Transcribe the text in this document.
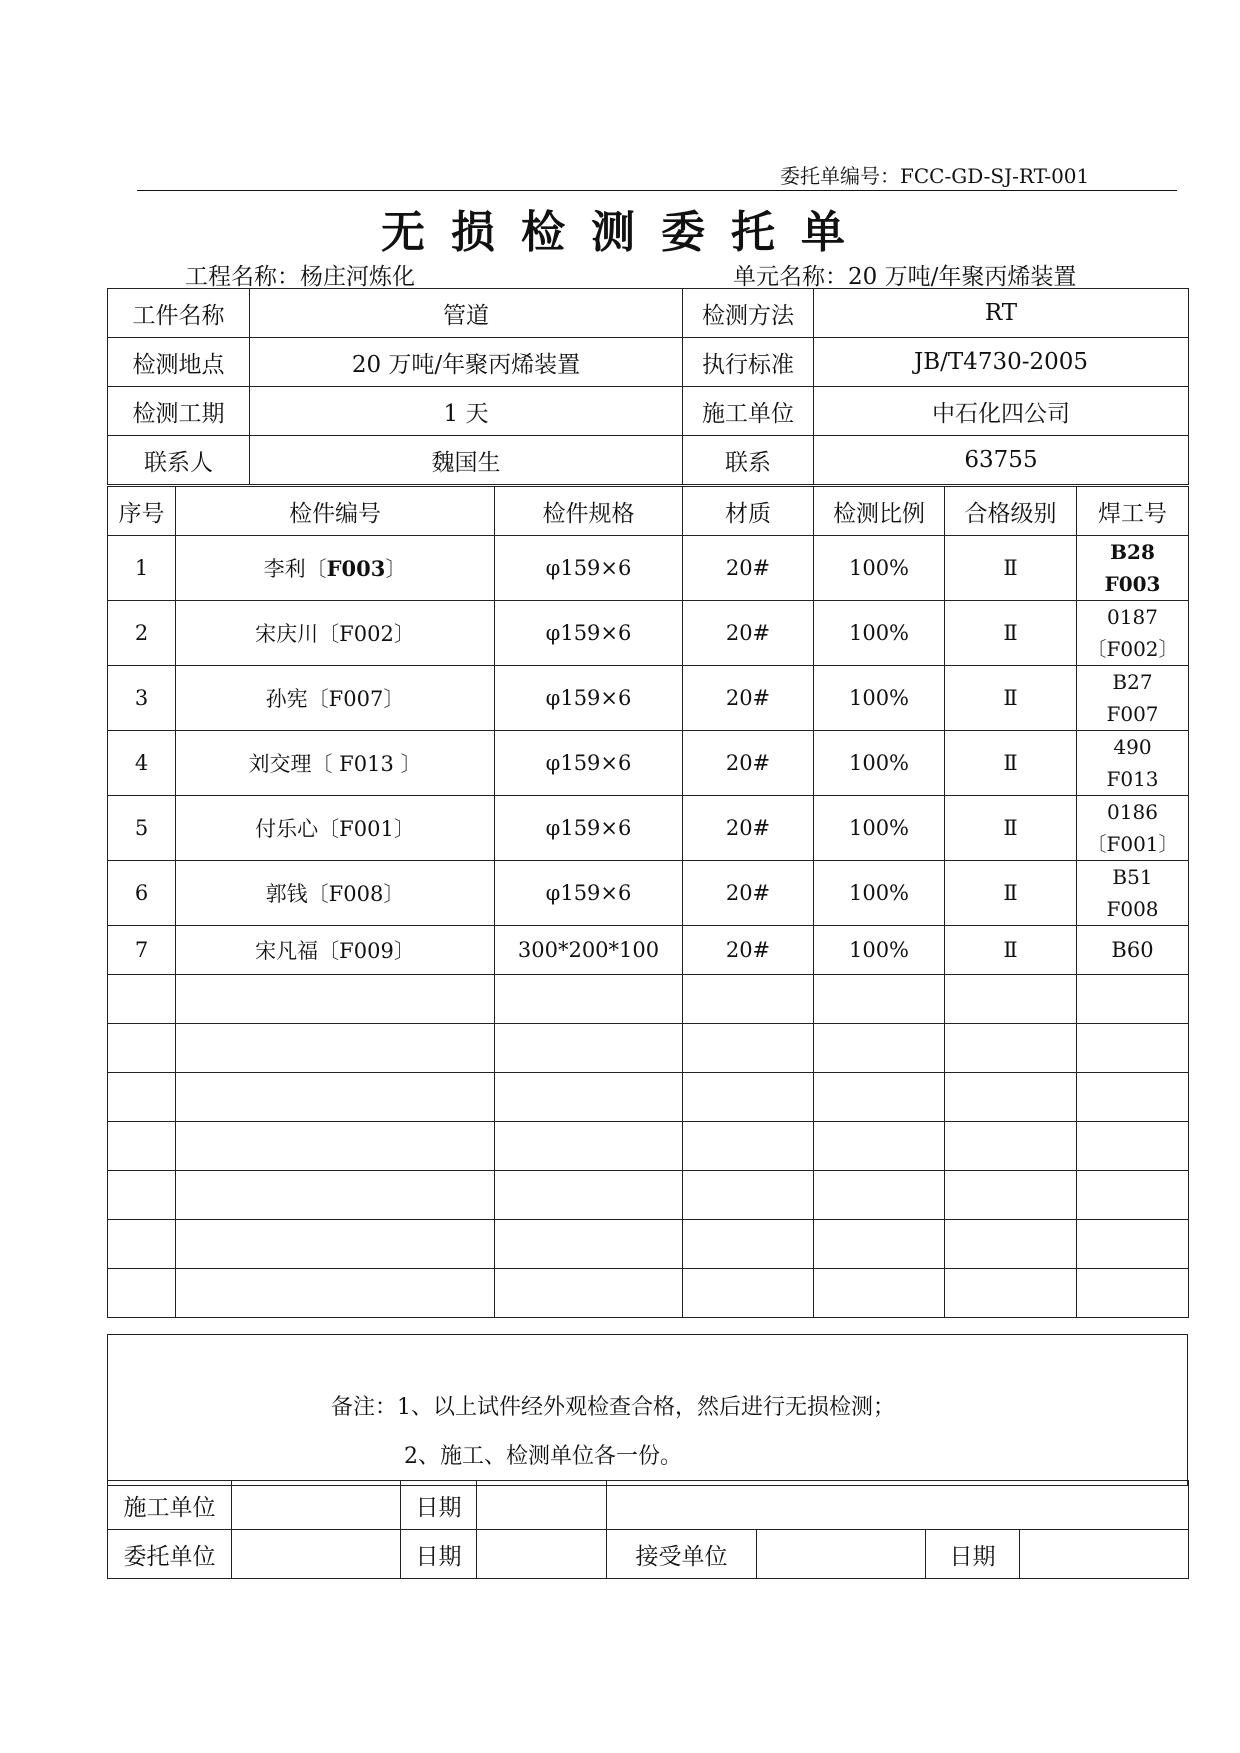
委托单编号：FCC-GD-SJ-RT-001
无损检测委托单
工程名称：杨庄河炼化	单元名称：20 万吨/年聚丙烯装置
工件名称	管道	检测方法	RT
检测地点	20 万吨/年聚丙烯装置	执行标准	JB/T4730-2005
检测工期	1 天	施工单位	中石化四公司
联系人	魏国生	联系	63755
序号	检件编号	检件规格	材质	检测比例	合格级别	焊工号
1	李利〔F003〕	φ159×6	20#	100%	Ⅱ	B28
F003

2	宋庆川〔F002〕	φ159×6	20#	100%	Ⅱ	0187
〔F002〕

3	孙宪〔F007〕	φ159×6	20#	100%	Ⅱ	B27
F007

4	刘交理〔 F013 〕	φ159×6	20#	100%	Ⅱ	490
F013

5	付乐心〔F001〕	φ159×6	20#	100%	Ⅱ	0186
〔F001〕

6	郭钱〔F008〕	φ159×6	20#	100%	Ⅱ	B51
F008

7	宋凡福〔F009〕	300*200*100	20#	100%	Ⅱ	B60

备注：1、以上试件经外观检查合格，然后进行无损检测；
2、施工、检测单位各一份。
施工单位		日期					
委托单位		日期		接受单位		日期	
